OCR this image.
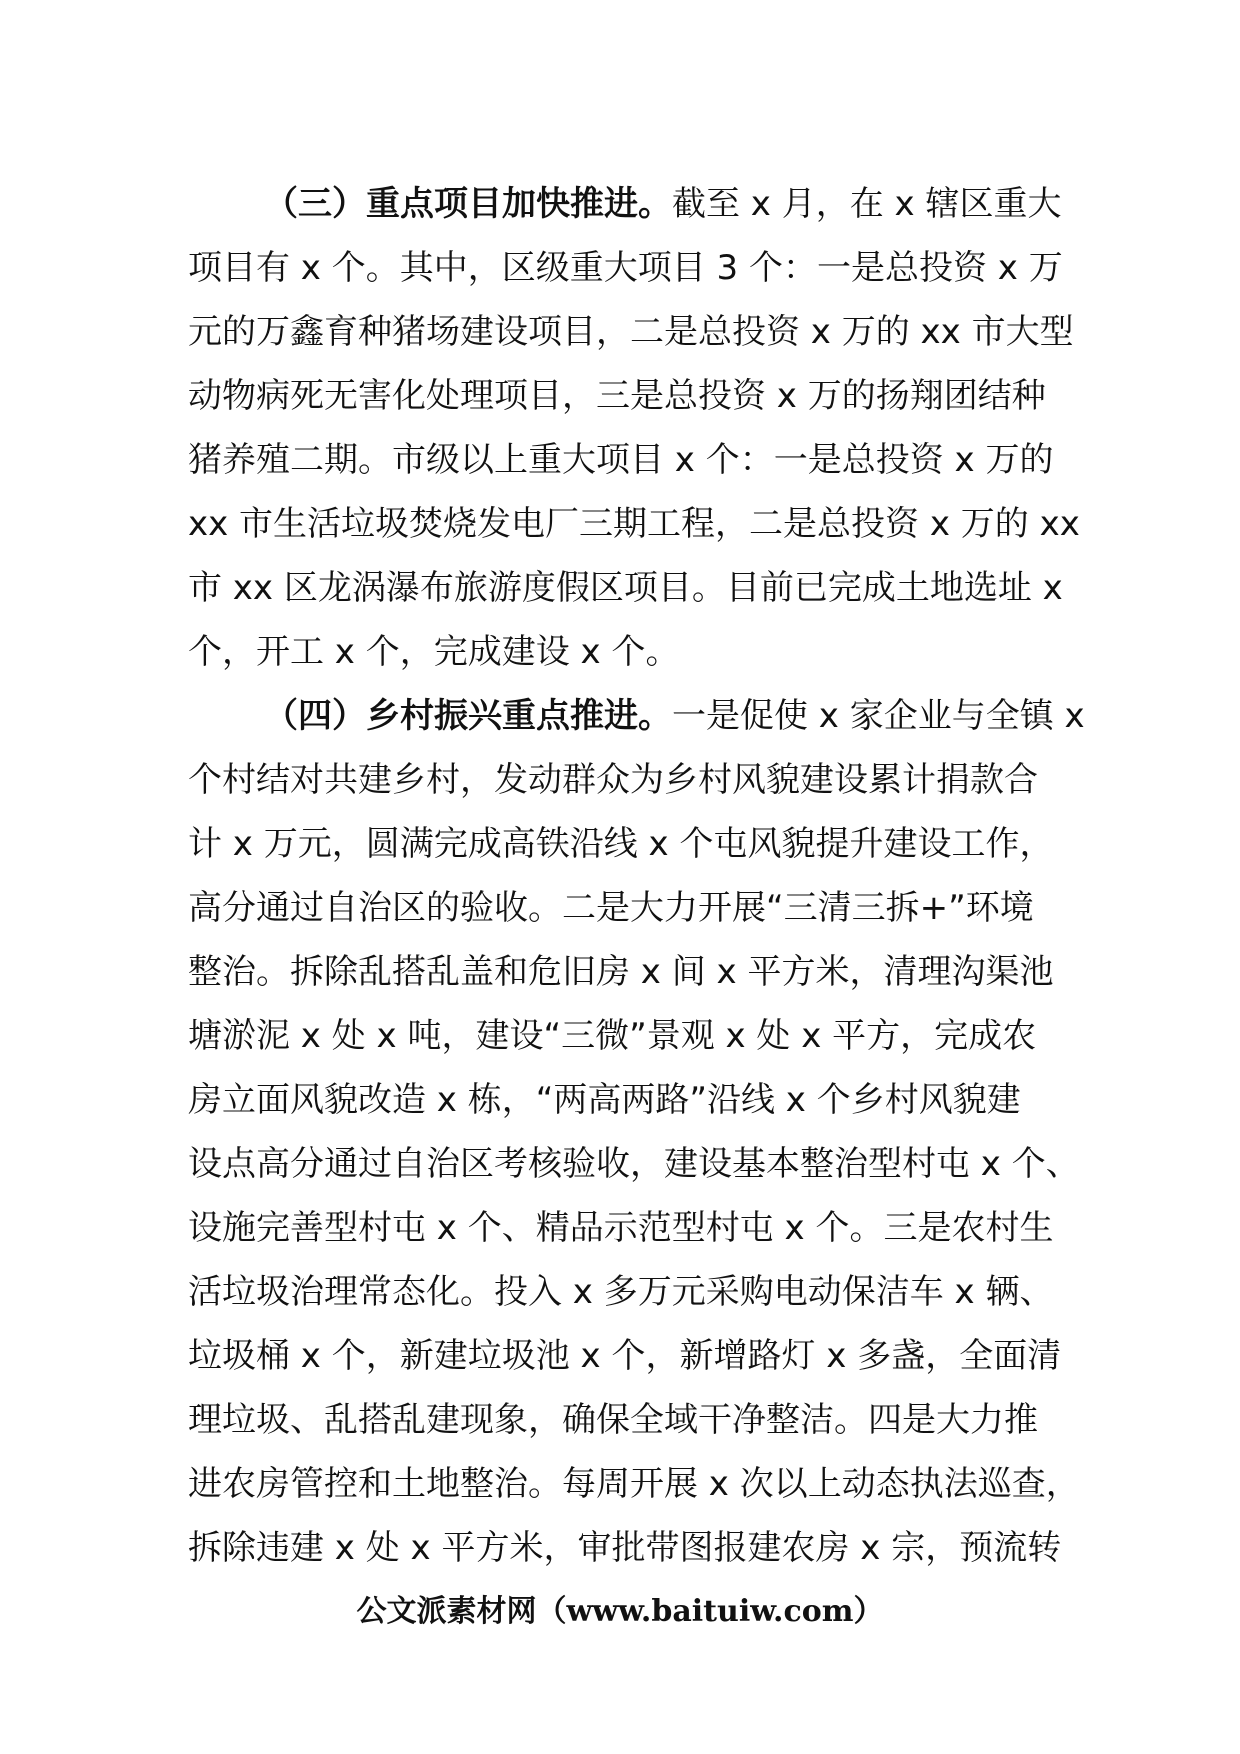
（三）重点项目加快推进。截至 x 月，在 x 辖区重大
项目有 x 个。其中，区级重大项目 3 个：一是总投资 x 万
元的万鑫育种猪场建设项目，二是总投资 x 万的 xx 市大型
动物病死无害化处理项目，三是总投资 x 万的扬翔团结种
猪养殖二期。市级以上重大项目 x 个：一是总投资 x 万的
xx 市生活垃圾焚烧发电厂三期工程，二是总投资 x 万的 xx
市 xx 区龙涡瀑布旅游度假区项目。目前已完成土地选址 x
个，开工 x 个，完成建设 x 个。
（四）乡村振兴重点推进。一是促使 x 家企业与全镇 x
个村结对共建乡村，发动群众为乡村风貌建设累计捐款合
计 x 万元，圆满完成高铁沿线 x 个屯风貌提升建设工作，
高分通过自治区的验收。二是大力开展“三清三拆+”环境
整治。拆除乱搭乱盖和危旧房 x 间 x 平方米，清理沟渠池
塘淤泥 x 处 x 吨，建设“三微”景观 x 处 x 平方，完成农
房立面风貌改造 x 栋，“两高两路”沿线 x 个乡村风貌建
设点高分通过自治区考核验收，建设基本整治型村屯 x 个、
设施完善型村屯 x 个、精品示范型村屯 x 个。三是农村生
活垃圾治理常态化。投入 x 多万元采购电动保洁车 x 辆、
垃圾桶 x 个，新建垃圾池 x 个，新增路灯 x 多盏，全面清
理垃圾、乱搭乱建现象，确保全域干净整洁。四是大力推
进农房管控和土地整治。每周开展 x 次以上动态执法巡查，
拆除违建 x 处 x 平方米，审批带图报建农房 x 宗，预流转
公文派素材网（www.baituiw.com）
